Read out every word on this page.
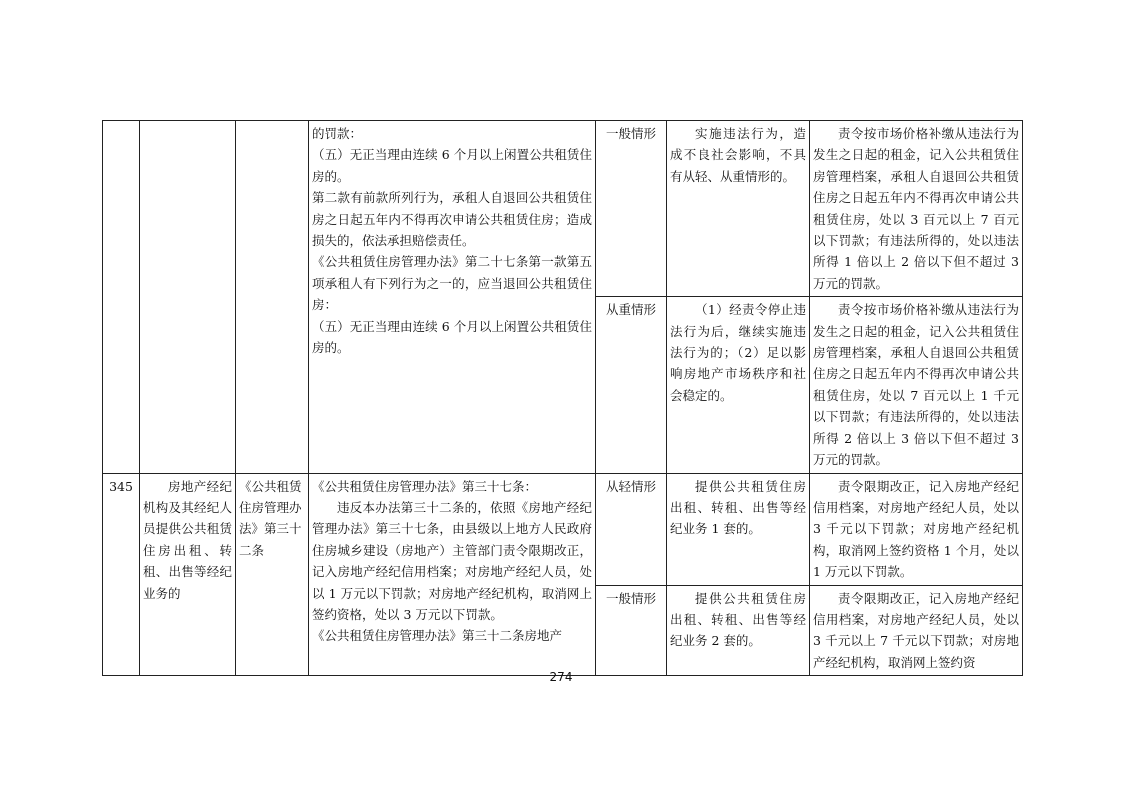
			的罚款：
（五）无正当理由连续 6 个月以上闲置公共租赁住房的。
第二款有前款所列行为，承租人自退回公共租赁住房之日起五年内不得再次申请公共租赁住房；造成损失的，依法承担赔偿责任。
《公共租赁住房管理办法》第二十七条第一款第五项承租人有下列行为之一的，应当退回公共租赁住房：
（五）无正当理由连续 6 个月以上闲置公共租赁住房的。	一般情形	实施违法行为，造成不良社会影响，不具有从轻、从重情形的。	责令按市场价格补缴从违法行为发生之日起的租金，记入公共租赁住房管理档案，承租人自退回公共租赁住房之日起五年内不得再次申请公共租赁住房，处以 3 百元以上 7 百元以下罚款；有违法所得的，处以违法所得 1 倍以上 2 倍以下但不超过 3 万元的罚款。

				从重情形	（1）经责令停止违法行为后，继续实施违法行为的；（2）足以影响房地产市场秩序和社会稳定的。	责令按市场价格补缴从违法行为发生之日起的租金，记入公共租赁住房管理档案，承租人自退回公共租赁住房之日起五年内不得再次申请公共租赁住房，处以 7 百元以上 1 千元以下罚款；有违法所得的，处以违法所得 2 倍以上 3 倍以下但不超过 3 万元的罚款。

345	房地产经纪机构及其经纪人员提供公共租赁住房出租、转租、出售等经纪业务的	《公共租赁住房管理办法》第三十二条	《公共租赁住房管理办法》第三十七条：
违反本办法第三十二条的，依照《房地产经纪管理办法》第三十七条，由县级以上地方人民政府住房城乡建设（房地产）主管部门责令限期改正，记入房地产经纪信用档案；对房地产经纪人员，处以 1 万元以下罚款；对房地产经纪机构，取消网上签约资格，处以 3 万元以下罚款。
《公共租赁住房管理办法》第三十二条房地产	从轻情形	提供公共租赁住房出租、转租、出售等经纪业务 1 套的。	责令限期改正，记入房地产经纪信用档案，对房地产经纪人员，处以 3 千元以下罚款；对房地产经纪机构，取消网上签约资格 1 个月，处以 1 万元以下罚款。

				一般情形	提供公共租赁住房出租、转租、出售等经纪业务 2 套的。	责令限期改正，记入房地产经纪信用档案，对房地产经纪人员，处以 3 千元以上 7 千元以下罚款；对房地产经纪机构，取消网上签约资
274
